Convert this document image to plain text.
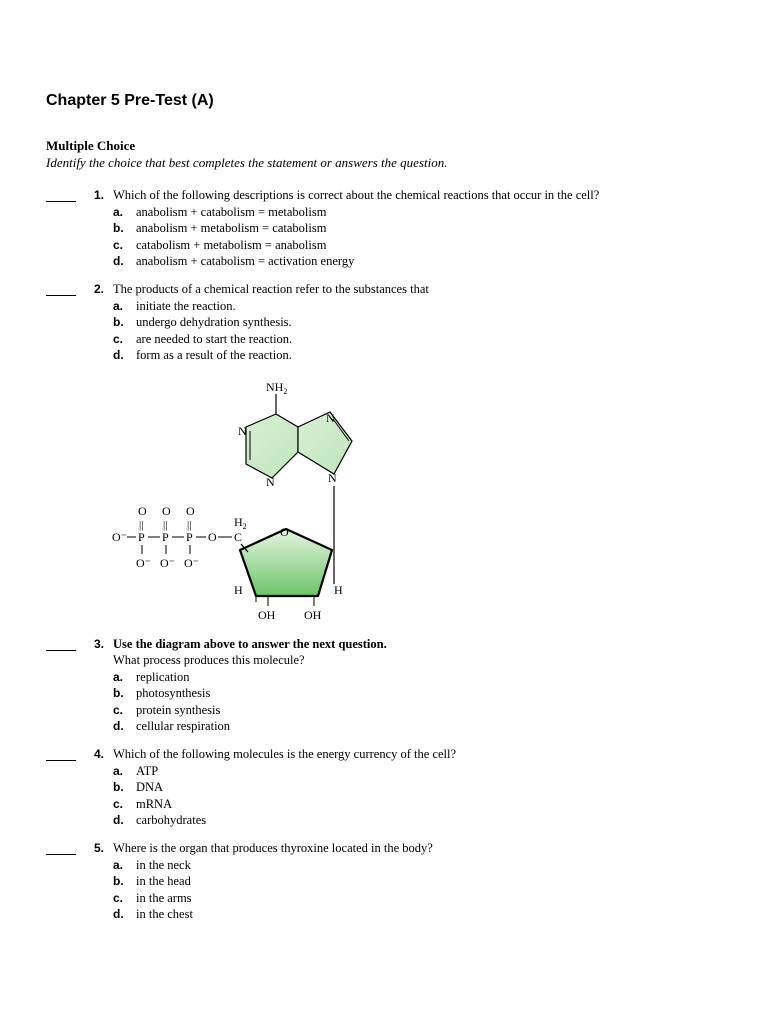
Chapter 5 Pre-Test (A)
Multiple Choice
Identify the choice that best completes the statement or answers the question.
1. Which of the following descriptions is correct about the chemical reactions that occur in the cell?
a. anabolism + catabolism = metabolism
b. anabolism + metabolism = catabolism
c. catabolism + metabolism = anabolism
d. anabolism + catabolism = activation energy
2. The products of a chemical reaction refer to the substances that
a. initiate the reaction.
b. undergo dehydration synthesis.
c. are needed to start the reaction.
d. form as a result of the reaction.
$NH_2$
N
N
N
N
O
H	H
OH OH
$H_2$
C
O O O
|| || ||
O⁻ P P P O
O⁻ O⁻ O⁻
3. Use the diagram above to answer the next question.
What process produces this molecule?
a. replication
b. photosynthesis
c. protein synthesis
d. cellular respiration
4. Which of the following molecules is the energy currency of the cell?
a. ATP
b. DNA
c. mRNA
d. carbohydrates
5. Where is the organ that produces thyroxine located in the body?
a. in the neck
b. in the head
c. in the arms
d. in the chest
